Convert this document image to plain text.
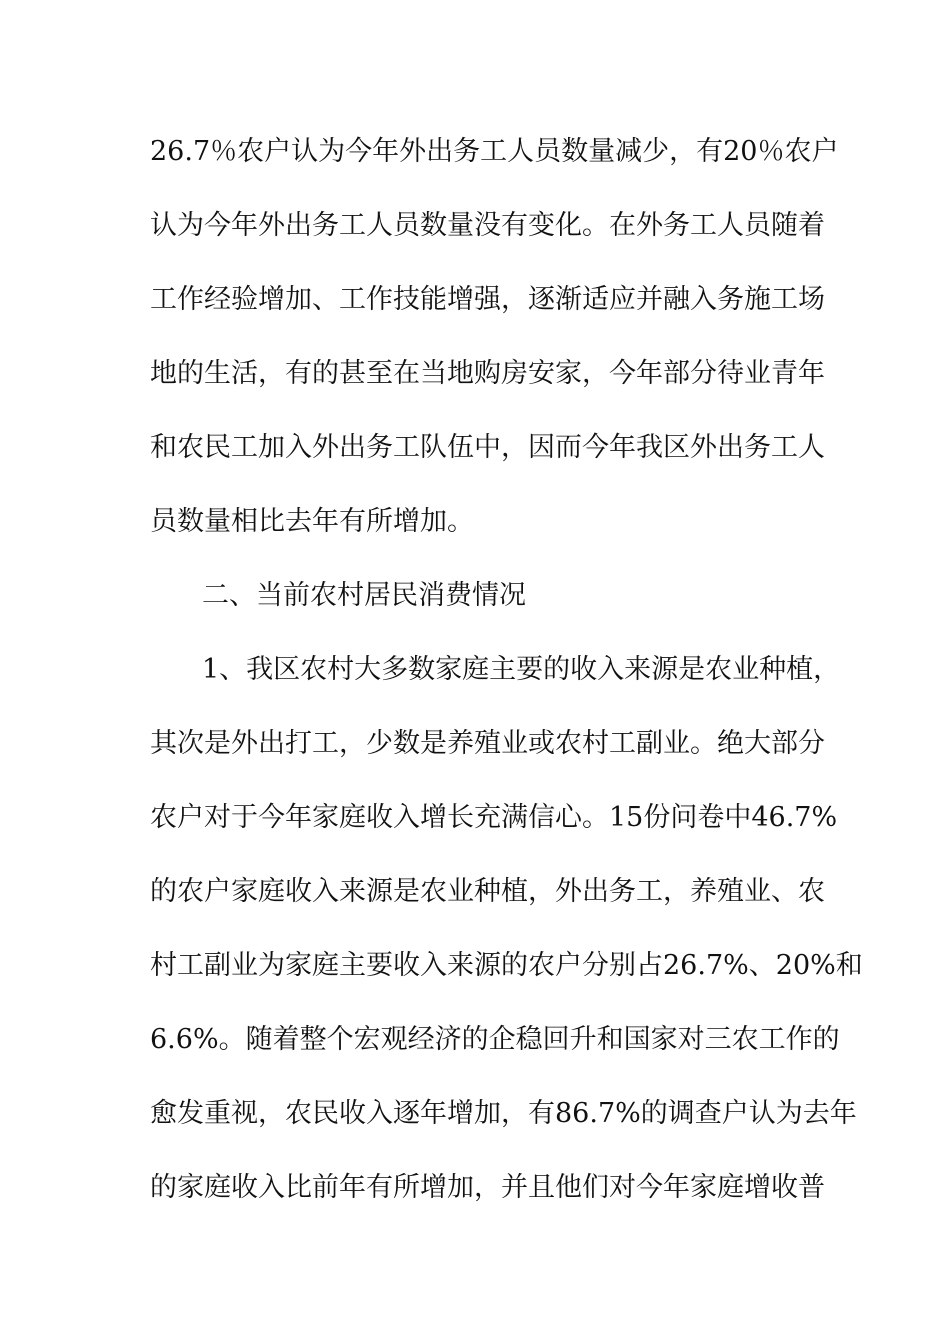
26.7％农户认为今年外出务工人员数量减少，有20％农户
认为今年外出务工人员数量没有变化。在外务工人员随着
工作经验增加、工作技能增强，逐渐适应并融入务施工场
地的生活，有的甚至在当地购房安家，今年部分待业青年
和农民工加入外出务工队伍中，因而今年我区外出务工人
员数量相比去年有所增加。
二、当前农村居民消费情况
1、我区农村大多数家庭主要的收入来源是农业种植，
其次是外出打工，少数是养殖业或农村工副业。绝大部分
农户对于今年家庭收入增长充满信心。15份问卷中46.7%
的农户家庭收入来源是农业种植，外出务工，养殖业、农
村工副业为家庭主要收入来源的农户分别占26.7%、20%和
6.6%。随着整个宏观经济的企稳回升和国家对三农工作的
愈发重视，农民收入逐年增加，有86.7%的调查户认为去年
的家庭收入比前年有所增加，并且他们对今年家庭增收普
